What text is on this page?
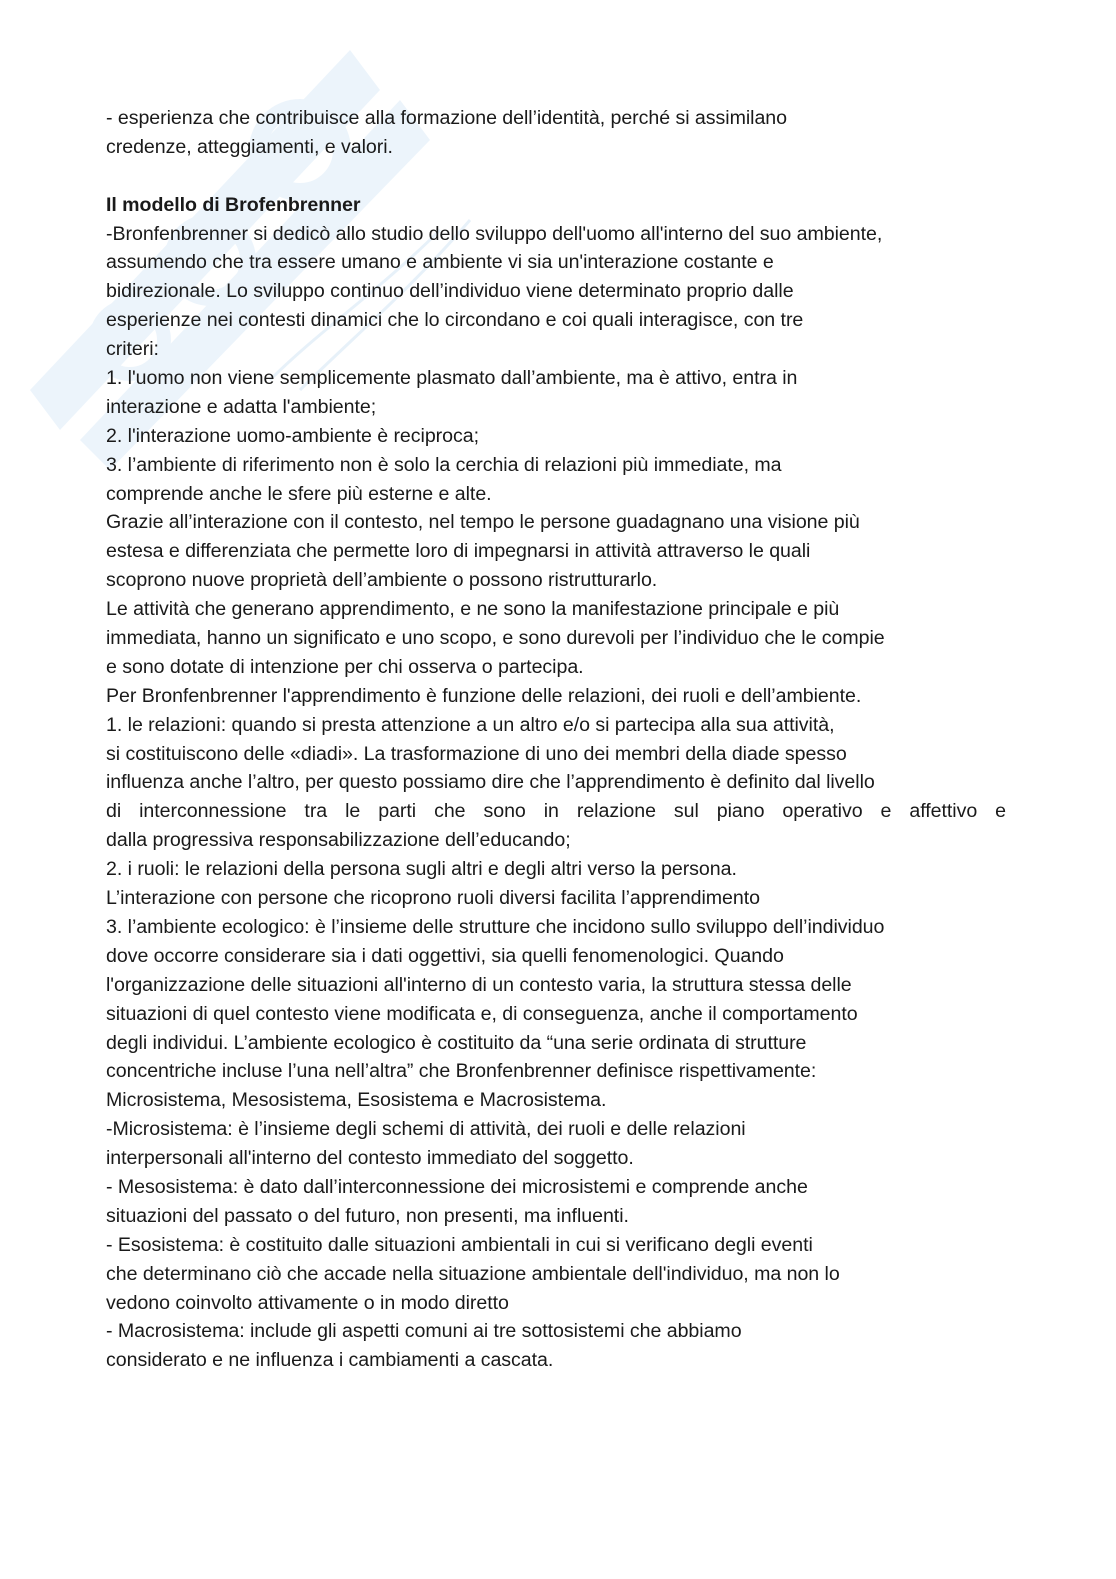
- esperienza che contribuisce alla formazione dell’identità, perché si assimilano
credenze, atteggiamenti, e valori.
Il modello di Brofenbrenner
-Bronfenbrenner si dedicò allo studio dello sviluppo dell'uomo all'interno del suo ambiente,
assumendo che tra essere umano e ambiente vi sia un'interazione costante e
bidirezionale. Lo sviluppo continuo dell’individuo viene determinato proprio dalle
esperienze nei contesti dinamici che lo circondano e coi quali interagisce, con tre
criteri:
1. l'uomo non viene semplicemente plasmato dall’ambiente, ma è attivo, entra in
interazione e adatta l'ambiente;
2. l'interazione uomo-ambiente è reciproca;
3. l’ambiente di riferimento non è solo la cerchia di relazioni più immediate, ma
comprende anche le sfere più esterne e alte.
Grazie all’interazione con il contesto, nel tempo le persone guadagnano una visione più
estesa e differenziata che permette loro di impegnarsi in attività attraverso le quali
scoprono nuove proprietà dell’ambiente o possono ristrutturarlo.
Le attività che generano apprendimento, e ne sono la manifestazione principale e più
immediata, hanno un significato e uno scopo, e sono durevoli per l’individuo che le compie
e sono dotate di intenzione per chi osserva o partecipa.
Per Bronfenbrenner l'apprendimento è funzione delle relazioni, dei ruoli e dell’ambiente.
1. le relazioni: quando si presta attenzione a un altro e/o si partecipa alla sua attività,
si costituiscono delle «diadi». La trasformazione di uno dei membri della diade spesso
influenza anche l’altro, per questo possiamo dire che l’apprendimento è definito dal livello
di interconnessione tra le parti che sono in relazione sul piano operativo e affettivo e
dalla progressiva responsabilizzazione dell’educando;
2. i ruoli: le relazioni della persona sugli altri e degli altri verso la persona.
L’interazione con persone che ricoprono ruoli diversi facilita l’apprendimento
3. l’ambiente ecologico: è l’insieme delle strutture che incidono sullo sviluppo dell’individuo
dove occorre considerare sia i dati oggettivi, sia quelli fenomenologici. Quando
l'organizzazione delle situazioni all'interno di un contesto varia, la struttura stessa delle
situazioni di quel contesto viene modificata e, di conseguenza, anche il comportamento
degli individui. L’ambiente ecologico è costituito da “una serie ordinata di strutture
concentriche incluse l’una nell’altra” che Bronfenbrenner definisce rispettivamente:
Microsistema, Mesosistema, Esosistema e Macrosistema.
-Microsistema: è l’insieme degli schemi di attività, dei ruoli e delle relazioni
interpersonali all'interno del contesto immediato del soggetto.
- Mesosistema: è dato dall’interconnessione dei microsistemi e comprende anche
situazioni del passato o del futuro, non presenti, ma influenti.
- Esosistema: è costituito dalle situazioni ambientali in cui si verificano degli eventi
che determinano ciò che accade nella situazione ambientale dell'individuo, ma non lo
vedono coinvolto attivamente o in modo diretto
- Macrosistema: include gli aspetti comuni ai tre sottosistemi che abbiamo
considerato e ne influenza i cambiamenti a cascata.
